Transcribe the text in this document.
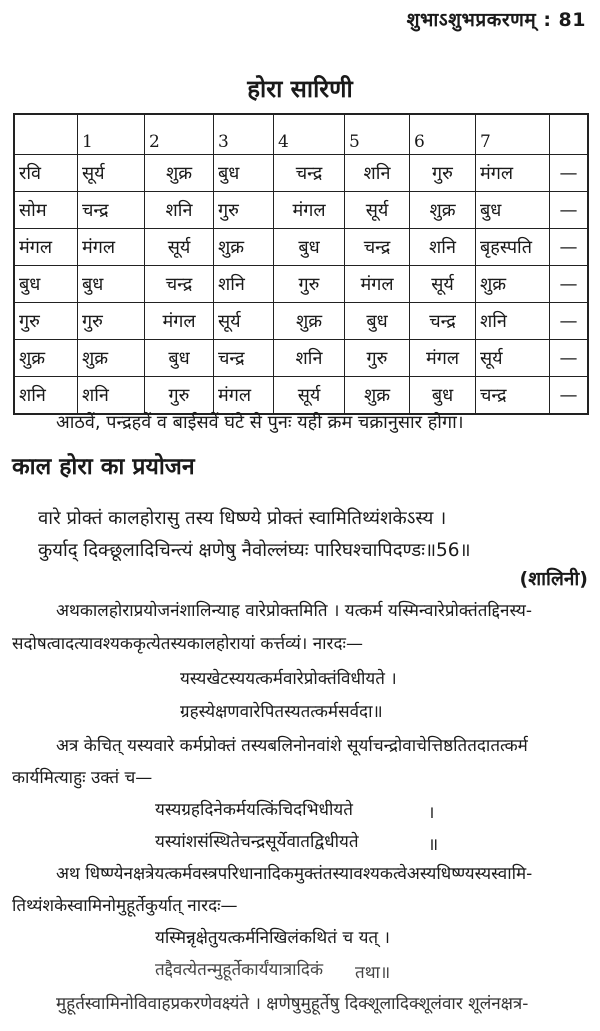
शुभाऽशुभप्रकरणम् : 81
होरा सारिणी
	1	2	3	4	5	6	7	
रवि	सूर्य	शुक्र	बुध	चन्द्र	शनि	गुरु	मंगल	—
सोम	चन्द्र	शनि	गुरु	मंगल	सूर्य	शुक्र	बुध	—
मंगल	मंगल	सूर्य	शुक्र	बुध	चन्द्र	शनि	बृहस्पति	—
बुध	बुध	चन्द्र	शनि	गुरु	मंगल	सूर्य	शुक्र	—
गुरु	गुरु	मंगल	सूर्य	शुक्र	बुध	चन्द्र	शनि	—
शुक्र	शुक्र	बुध	चन्द्र	शनि	गुरु	मंगल	सूर्य	—
शनि	शनि	गुरु	मंगल	सूर्य	शुक्र	बुध	चन्द्र	—
आठवें, पन्द्रहवें व बाईसवें घंटे से पुनः यही क्रम चक्रानुसार होगा।
काल होरा का प्रयोजन
वारे प्रोक्तं कालहोरासु तस्य धिष्ण्ये प्रोक्तं स्वामितिथ्यंशकेऽस्य ।
कुर्याद् दिक्छूलादिचिन्त्यं क्षणेषु नैवोल्लंघ्यः पारिघश्चापिदण्डः॥56॥
(शालिनी)
अथकालहोराप्रयोजनंशालिन्याह वारेप्रोक्तमिति । यत्कर्म यस्मिन्वारेप्रोक्तंतद्दिनस्य-
सदोषत्वादत्यावश्यककृत्येतस्यकालहोरायां कर्त्तव्यं। नारदः—
यस्यखेटस्ययत्कर्मवारेप्रोक्तंविधीयते ।
ग्रहस्येक्षणवारेपितस्यतत्कर्मसर्वदा॥
अत्र केचित् यस्यवारे कर्मप्रोक्तं तस्यबलिनोनवांशे सूर्याचन्द्रोवाचेत्तिष्ठतितदातत्कर्म
कार्यमित्याहुः उक्तं च—
यस्यग्रहदिनेकर्मयत्किंचिदभिधीयते	।
यस्यांशसंस्थितेचन्द्रसूर्येवातद्विधीयते	॥
अथ धिष्ण्येनक्षत्रेयत्कर्मवस्त्रपरिधानादिकमुक्तंतस्यावश्यकत्वेअस्यधिष्ण्यस्यस्वामि-
तिथ्यंशकेस्वामिनोमुहूर्तेकुर्यात् नारदः—
यस्मिन्नृक्षेतुयत्कर्मनिखिलंकथितं च यत् ।
तद्दैवत्येतन्मुहूर्तेकार्यंयात्रादिकं तथा॥
मुहूर्तस्वामिनोविवाहप्रकरणेवक्ष्यंते । क्षणेषुमुहूर्तेषु दिक्शूलादिक्शूलंवार शूलंनक्षत्र-
